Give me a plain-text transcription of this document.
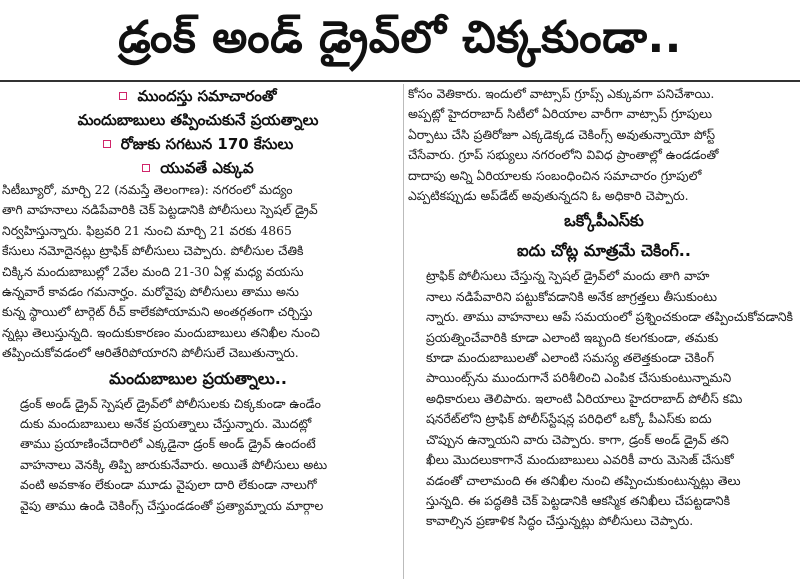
డ్రంక్ అండ్ డ్రైవ్‌లో చిక్కకుండా..
ముందస్తు సమాచారంతో
మందుబాబులు తప్పించుకునే ప్రయత్నాలు
రోజుకు సగటున 170 కేసులు
యువతే ఎక్కువ

సిటీబ్యూరో, మార్చి 22 (నమస్తే తెలంగాణ): నగరంలో మద్యం
తాగి వాహనాలు నడిపేవారికి చెక్ పెట్టడానికి పోలీసులు స్పెషల్ డ్రైవ్
నిర్వహిస్తున్నారు. ఫిబ్రవరి 21 నుంచి మార్చి 21 వరకు 4865
కేసులు నమోదైనట్లు ట్రాఫిక్ పోలీసులు చెప్పారు. పోలీసుల చేతికి
చిక్కిన మందుబాబుల్లో 2వేల మంది 21-30 ఏళ్ల మధ్య వయసు
ఉన్నవారే కావడం గమనార్హం. మరోవైపు పోలీసులు తాము అను
కున్న స్థాయిలో టార్గెట్ రీచ్ కాలేకపోయామని అంతర్గతంగా చర్చిస్తు
న్నట్లు తెలుస్తున్నది. ఇందుకుకారణం మందుబాబులు తనిఖీల నుంచి
తప్పించుకోవడంలో ఆరితేరిపోయారని పోలీసులే చెబుతున్నారు.

మందుబాబుల ప్రయత్నాలు..

డ్రంక్ అండ్ డ్రైవ్ స్పెషల్ డ్రైవ్‌లో పోలీసులకు చిక్కకుండా ఉండేం
దుకు మందుబాబులు అనేక ప్రయత్నాలు చేస్తున్నారు. మొదట్లో
తాము ప్రయాణించేదారిలో ఎక్కడైనా డ్రంక్ అండ్ డ్రైవ్ ఉందంటే
వాహనాలు వెనక్కి తిప్పి జారుకునేవారు. అయితే పోలీసులు అటు
వంటి అవకాశం లేకుండా మూడు వైపులా దారి లేకుండా నాలుగో
వైపు తాము ఉండి చెకింగ్స్ చేస్తుండడంతో ప్రత్యామ్నాయ మార్గాల

కోసం వెతికారు. ఇందులో వాట్సాప్ గ్రూప్స్ ఎక్కువగా పనిచేశాయి.
అప్పట్లో హైదరాబాద్ సిటీలో ఏరియాల వారీగా వాట్సాప్ గ్రూపులు
ఏర్పాటు చేసి ప్రతిరోజూ ఎక్కడెక్కడ చెకింగ్స్ అవుతున్నాయో పోస్ట్
చేసేవారు. గ్రూప్ సభ్యులు నగరంలోని వివిధ ప్రాంతాల్లో ఉండడంతో
దాదాపు అన్ని ఏరియాలకు సంబంధించిన సమాచారం గ్రూపులో
ఎప్పటికప్పుడు అప్‌డేట్ అవుతున్నదని ఓ అధికారి చెప్పారు.

ఒక్కోపీఎస్‌కు
ఐదు చోట్ల మాత్రమే చెకింగ్..

ట్రాఫిక్ పోలీసులు చేస్తున్న స్పెషల్ డ్రైవ్‌లో మందు తాగి వాహ
నాలు నడిపేవారిని పట్టుకోవడానికి అనేక జాగ్రత్తలు తీసుకుంటు
న్నారు. తాము వాహనాలు ఆపే సమయంలో ప్రశ్నించకుండా తప్పించుకోవడానికి
ప్రయత్నించేవారికి కూడా ఎలాంటి ఇబ్బంది కలగకుండా, తమకు
కూడా మందుబాబులతో ఎలాంటి సమస్య తలెత్తకుండా చెకింగ్
పాయింట్స్‌ను ముందుగానే పరిశీలించి ఎంపిక చేసుకుంటున్నామని
అధికారులు తెలిపారు. ఇలాంటి ఏరియాలు హైదరాబాద్ పోలీస్ కమి
షనరేట్‌లోని ట్రాఫిక్ పోలీస్‌స్టేషన్ల పరిధిలో ఒక్కో పీఎస్‌కు ఐదు
చొప్పున ఉన్నాయని వారు చెప్పారు. కాగా, డ్రంక్ అండ్ డ్రైవ్ తని
ఖీలు మొదలుకాగానే మందుబాబులు ఎవరికీ వారు మెసెజ్ చేసుకో
వడంతో చాలామంది ఈ తనిఖీల నుంచి తప్పించుకుంటున్నట్లు తెలు
స్తున్నది. ఈ పద్ధతికి చెక్ పెట్టడానికి ఆకస్మిక తనిఖీలు చేపట్టడానికి
కావాల్సిన ప్రణాళిక సిద్ధం చేస్తున్నట్లు పోలీసులు చెప్పారు.
